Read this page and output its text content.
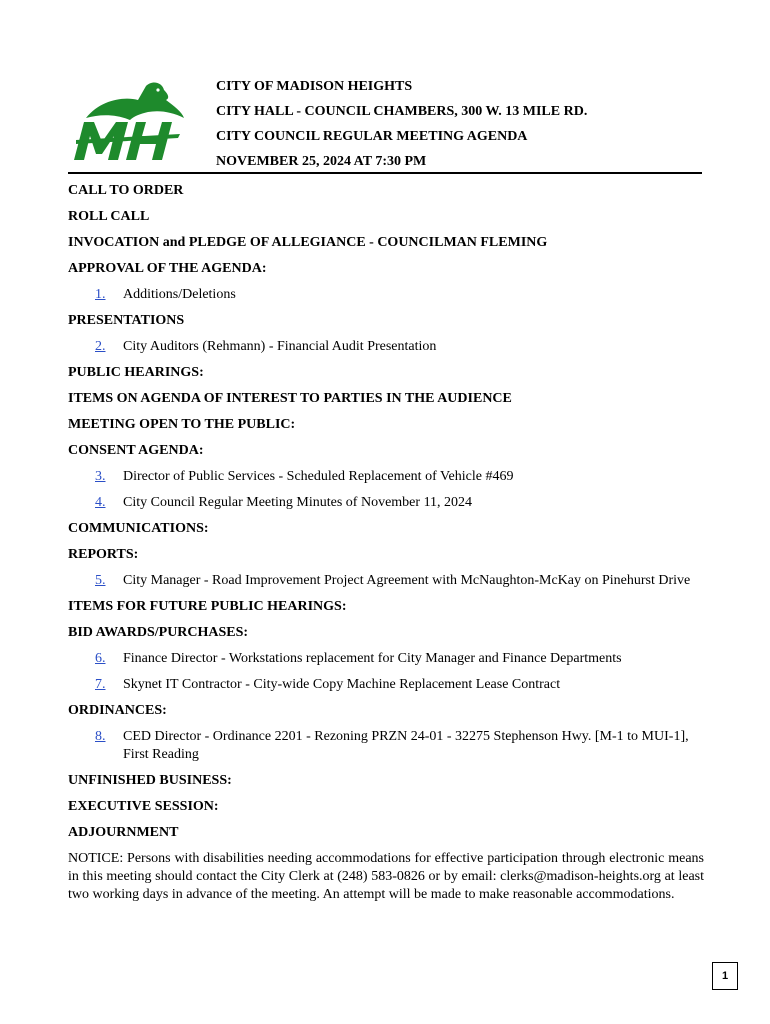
CITY OF MADISON HEIGHTS
CITY HALL - COUNCIL CHAMBERS, 300 W. 13 MILE RD.
CITY COUNCIL REGULAR MEETING AGENDA
NOVEMBER 25, 2024 AT 7:30 PM
CALL TO ORDER
ROLL CALL
INVOCATION and PLEDGE OF ALLEGIANCE - COUNCILMAN FLEMING
APPROVAL OF THE AGENDA:
1. Additions/Deletions
PRESENTATIONS
2. City Auditors (Rehmann) - Financial Audit Presentation
PUBLIC HEARINGS:
ITEMS ON AGENDA OF INTEREST TO PARTIES IN THE AUDIENCE
MEETING OPEN TO THE PUBLIC:
CONSENT AGENDA:
3. Director of Public Services - Scheduled Replacement of Vehicle #469
4. City Council Regular Meeting Minutes of November 11, 2024
COMMUNICATIONS:
REPORTS:
5. City Manager - Road Improvement Project Agreement with McNaughton-McKay on Pinehurst Drive
ITEMS FOR FUTURE PUBLIC HEARINGS:
BID AWARDS/PURCHASES:
6. Finance Director - Workstations replacement for City Manager and Finance Departments
7. Skynet IT Contractor - City-wide Copy Machine Replacement Lease Contract
ORDINANCES:
8. CED Director - Ordinance 2201 - Rezoning PRZN 24-01 - 32275 Stephenson Hwy. [M-1 to MUI-1], First Reading
UNFINISHED BUSINESS:
EXECUTIVE SESSION:
ADJOURNMENT
NOTICE: Persons with disabilities needing accommodations for effective participation through electronic means in this meeting should contact the City Clerk at (248) 583-0826 or by email: clerks@madison-heights.org at least two working days in advance of the meeting. An attempt will be made to make reasonable accommodations.
1
